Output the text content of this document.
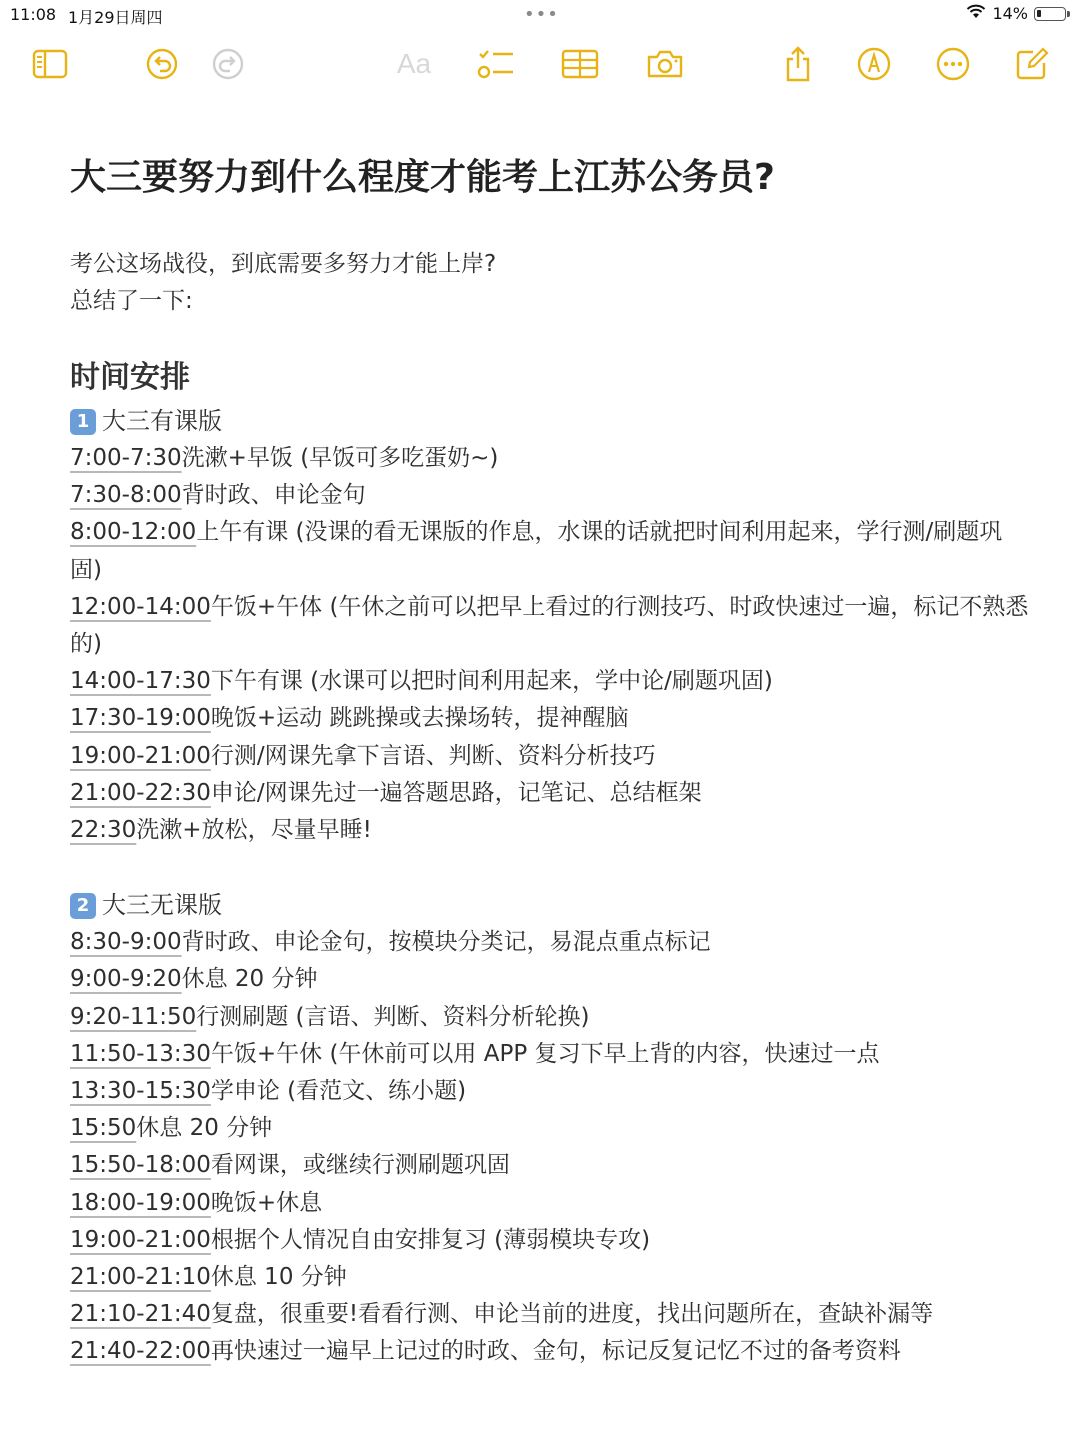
11:08 1月29日周四	•••	14%
Aa
大三要努力到什么程度才能考上江苏公务员?
考公这场战役，到底需要多努力才能上岸?
总结了一下:
时间安排
1 大三有课版
7:00-7:30洗漱+早饭 (早饭可多吃蛋奶~)
7:30-8:00背时政、申论金句
8:00-12:00上午有课 (没课的看无课版的作息，水课的话就把时间利用起来，学行测/刷题巩固)
12:00-14:00午饭+午体 (午休之前可以把早上看过的行测技巧、时政快速过一遍，标记不熟悉的)
14:00-17:30下午有课 (水课可以把时间利用起来，学中论/刷题巩固)
17:30-19:00晚饭+运动 跳跳操或去操场转，提神醒脑
19:00-21:00行测/网课先拿下言语、判断、资料分析技巧
21:00-22:30申论/网课先过一遍答题思路，记笔记、总结框架
22:30洗漱+放松，尽量早睡!
2 大三无课版
8:30-9:00背时政、申论金句，按模块分类记，易混点重点标记
9:00-9:20休息 20 分钟
9:20-11:50行测刷题 (言语、判断、资料分析轮换)
11:50-13:30午饭+午休 (午休前可以用 APP 复习下早上背的内容，快速过一点
13:30-15:30学申论 (看范文、练小题)
15:50休息 20 分钟
15:50-18:00看网课，或继续行测刷题巩固
18:00-19:00晚饭+休息
19:00-21:00根据个人情况自由安排复习 (薄弱模块专攻)
21:00-21:10休息 10 分钟
21:10-21:40复盘，很重要!看看行测、申论当前的进度，找出问题所在，查缺补漏等
21:40-22:00再快速过一遍早上记过的时政、金句，标记反复记忆不过的备考资料
